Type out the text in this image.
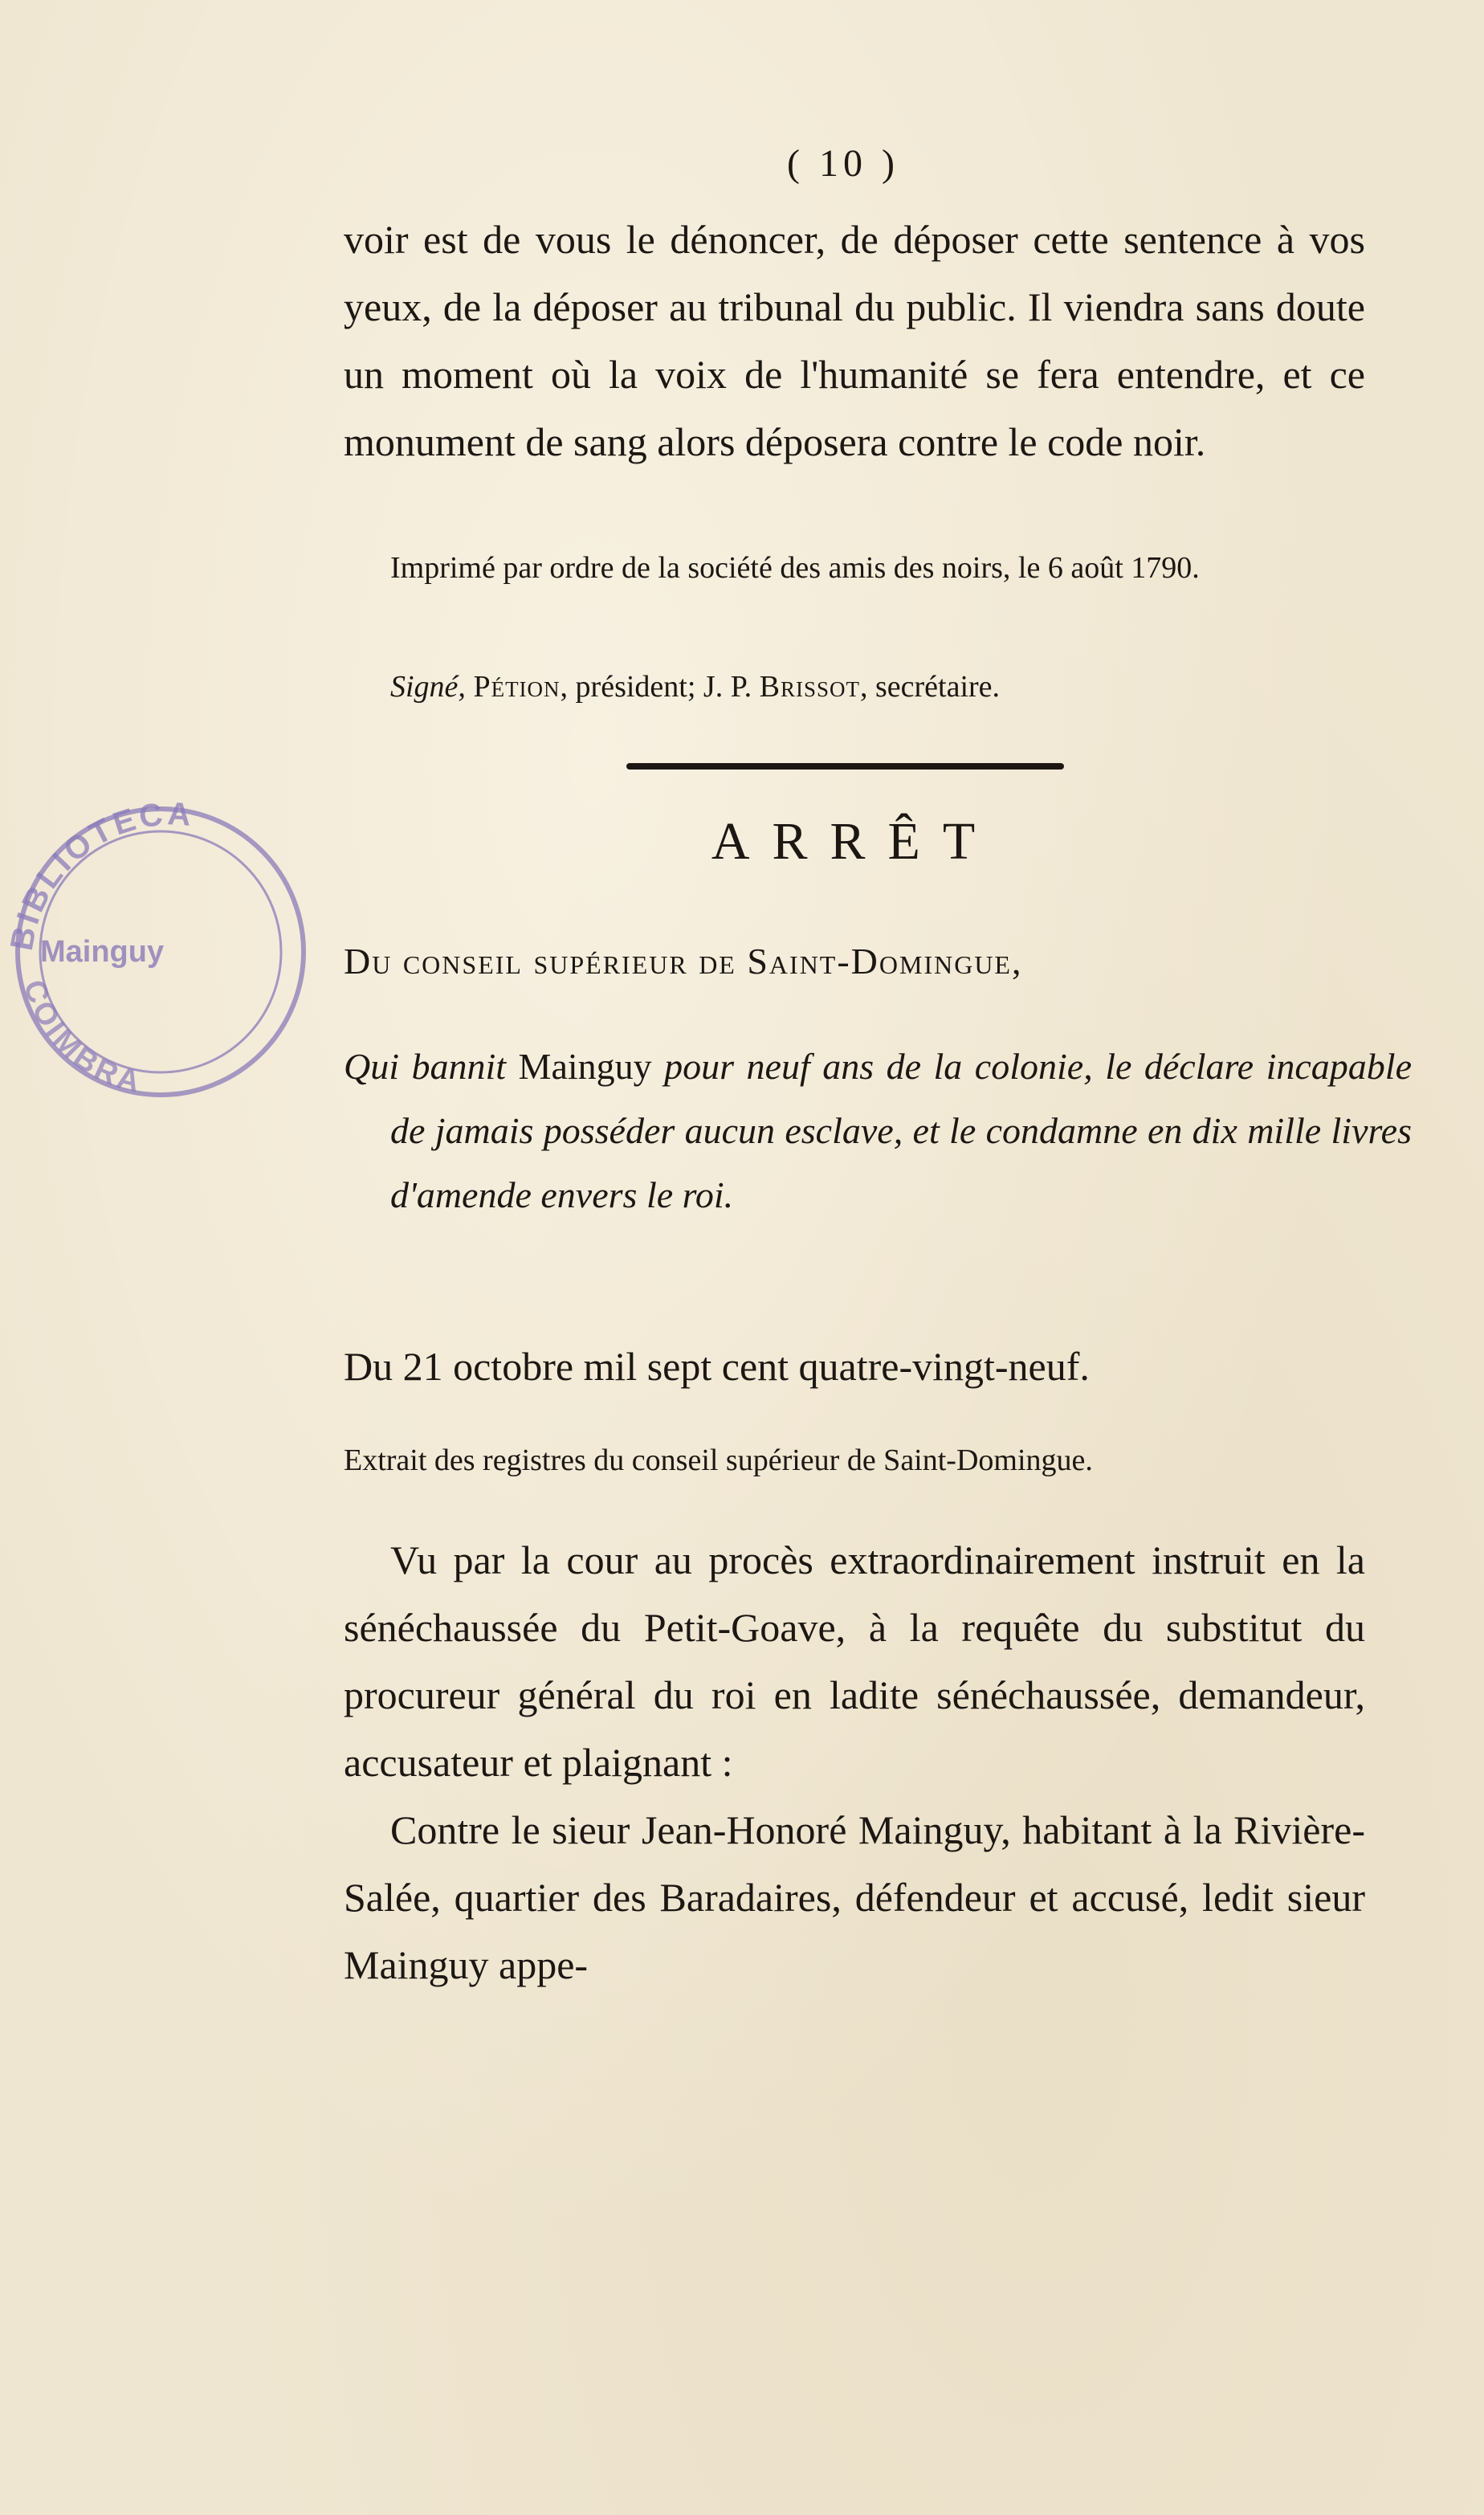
( 10 )
voir est de vous le dénoncer, de déposer cette sentence à vos yeux, de la déposer au tribunal du public. Il viendra sans doute un moment où la voix de l'humanité se fera entendre, et ce monument de sang alors déposera contre le code noir.
Imprimé par ordre de la société des amis des noirs, le 6 août 1790.
Signé, Pétion, président; J. P. Brissot, secrétaire.
ARRÊT
Du conseil supérieur de Saint-Domingue,
Qui bannit Mainguy pour neuf ans de la colonie, le déclare incapable de jamais posséder aucun esclave, et le condamne en dix mille livres d'amende envers le roi.
Du 21 octobre mil sept cent quatre-vingt-neuf.
Extrait des registres du conseil supérieur de Saint-Domingue.

Vu par la cour au procès extraordinairement instruit en la sénéchaussée du Petit-Goave, à la requête du substitut du procureur général du roi en ladite sénéchaussée, demandeur, accusateur et plaignant :

Contre le sieur Jean-Honoré Mainguy, habitant à la Rivière-Salée, quartier des Baradaires, défendeur et accusé, ledit sieur Mainguy appe-

BIBLIOTECA
Mainguy
COIMBRA
